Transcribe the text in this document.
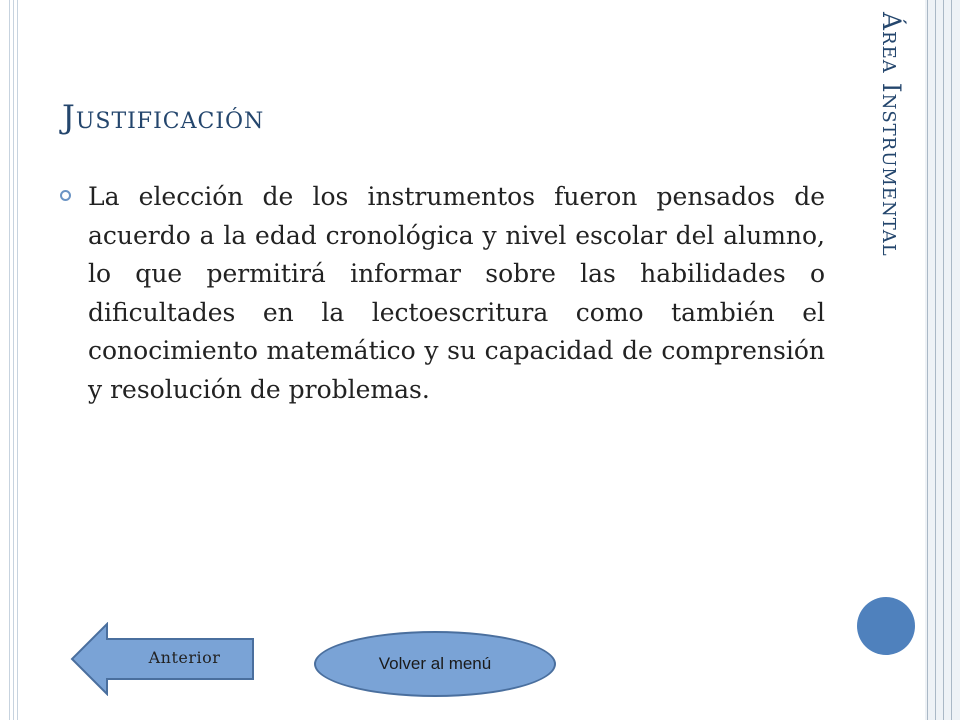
Área Instrumental
Justificación
La elección de los instrumentos fueron pensados de acuerdo a la edad cronológica y nivel escolar del alumno, lo que permitirá informar sobre las habilidades o dificultades en la lectoescritura como también el conocimiento matemático y su capacidad de comprensión y resolución de problemas.
Anterior	Volver al menú
